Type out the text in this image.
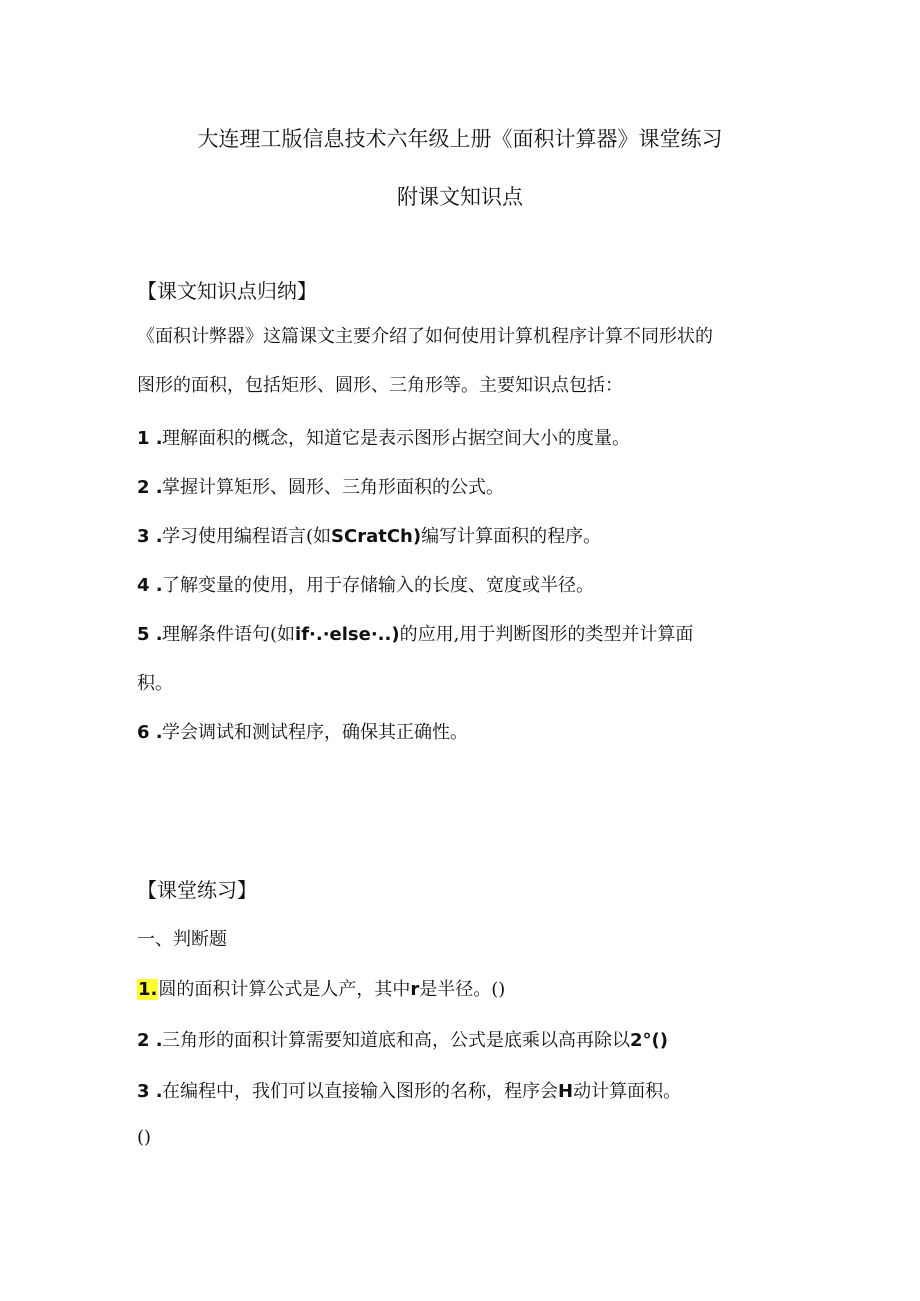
大连理工版信息技术六年级上册《面积计算器》课堂练习
附课文知识点
【课文知识点归纳】

《面积计弊器》这篇课文主要介绍了如何使用计算机程序计算不同形状的

图形的面积，包括矩形、圆形、三角形等。主要知识点包括：

1 .理解面积的概念，知道它是表示图形占据空间大小的度量。
2 .掌握计算矩形、圆形、三角形面积的公式。
3 .学习使用编程语言(如SCratCh)编写计算面积的程序。
4 .了解变量的使用，用于存储输入的长度、宽度或半径。
5 .理解条件语句(如if·.·else·..)的应用,用于判断图形的类型并计算面
积。
6 .学会调试和测试程序，确保其正确性。
【课堂练习】
一、判断题
1.圆的面积计算公式是人产，其中r是半径。()
2 .三角形的面积计算需要知道底和高，公式是底乘以高再除以2°()
3 .在编程中，我们可以直接输入图形的名称，程序会H动计算面积。
()
